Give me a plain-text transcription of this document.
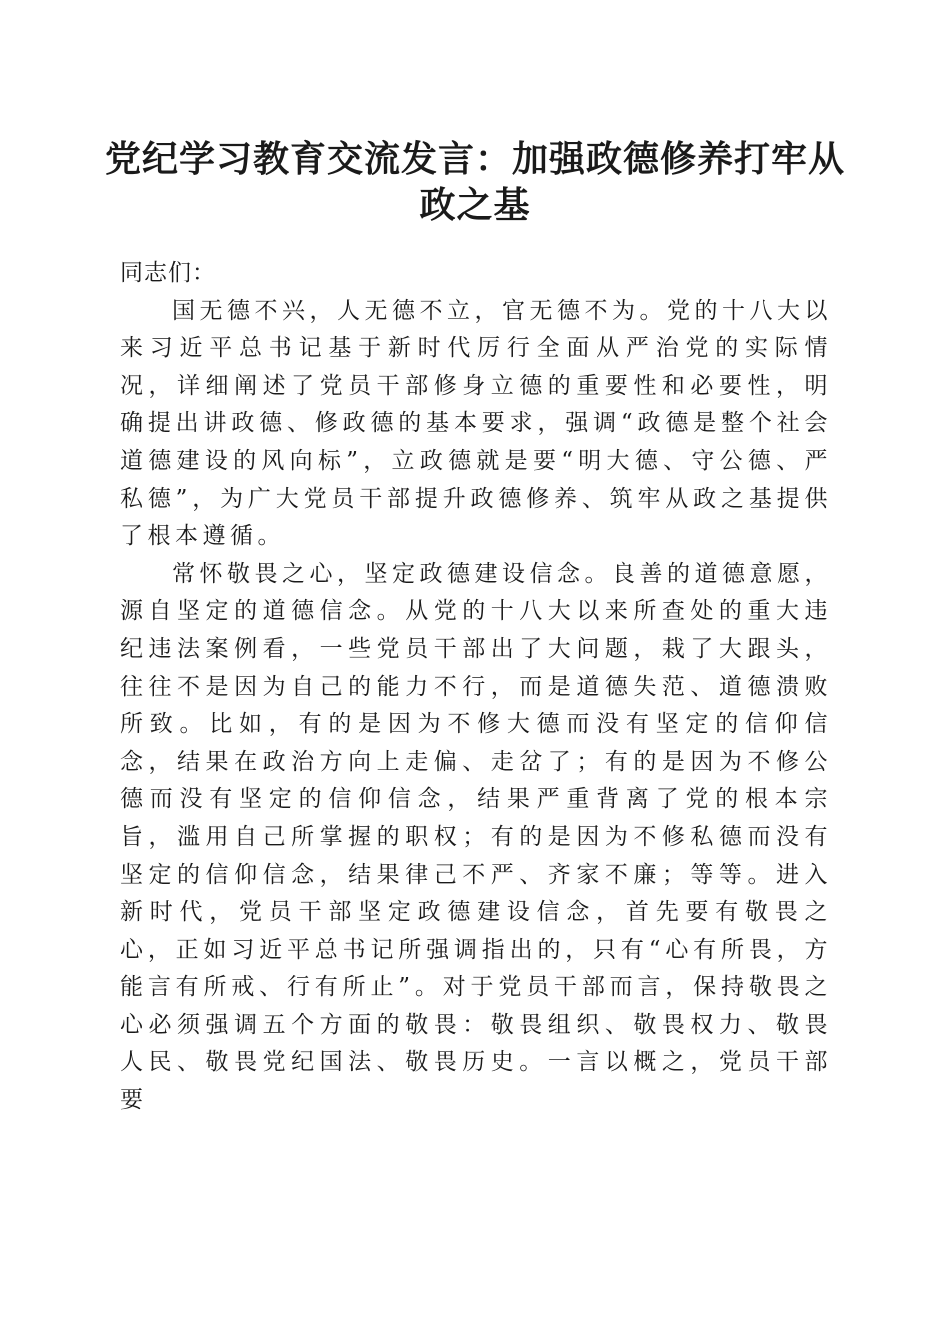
党纪学习教育交流发言：加强政德修养打牢从
政之基

同志们：

国无德不兴，人无德不立，官无德不为。党的十八大以来习近平总书记基于新时代厉行全面从严治党的实际情况，详细阐述了党员干部修身立德的重要性和必要性，明确提出讲政德、修政德的基本要求，强调“政德是整个社会道德建设的风向标”，立政德就是要“明大德、守公德、严私德”，为广大党员干部提升政德修养、筑牢从政之基提供了根本遵循。

常怀敬畏之心，坚定政德建设信念。良善的道德意愿，源自坚定的道德信念。从党的十八大以来所查处的重大违纪违法案例看，一些党员干部出了大问题，栽了大跟头，往往不是因为自己的能力不行，而是道德失范、道德溃败所致。比如，有的是因为不修大德而没有坚定的信仰信念，结果在政治方向上走偏、走岔了；有的是因为不修公德而没有坚定的信仰信念，结果严重背离了党的根本宗旨，滥用自己所掌握的职权；有的是因为不修私德而没有坚定的信仰信念，结果律己不严、齐家不廉；等等。进入新时代，党员干部坚定政德建设信念，首先要有敬畏之心，正如习近平总书记所强调指出的，只有“心有所畏，方能言有所戒、行有所止”。对于党员干部而言，保持敬畏之心必须强调五个方面的敬畏：敬畏组织、敬畏权力、敬畏人民、敬畏党纪国法、敬畏历史。一言以概之，党员干部要
